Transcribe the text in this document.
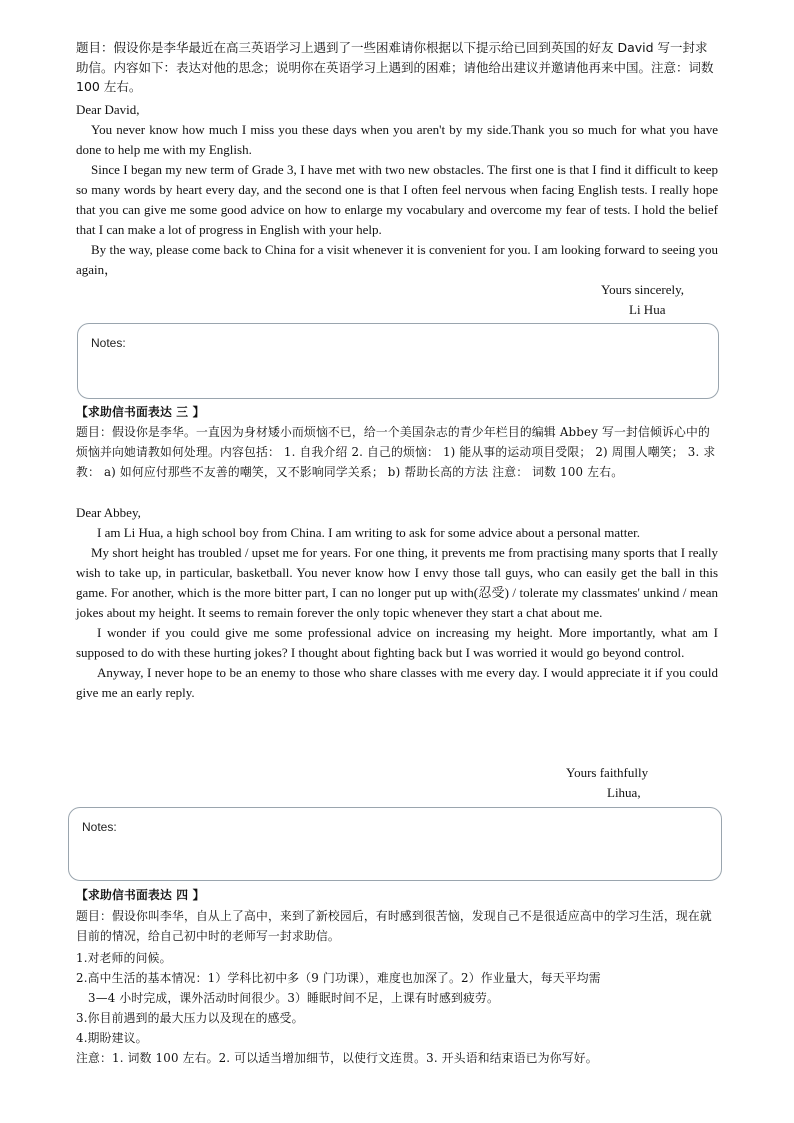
题目：假设你是李华最近在高三英语学习上遇到了一些困难请你根据以下提示给已回到英国的好友 David 写一封求助信。内容如下：表达对他的思念；说明你在英语学习上遇到的困难；请他给出建议并邀请他再来中国。注意：词数 100 左右。
Dear David,

You never know how much I miss you these days when you aren't by my side.Thank you so much for what you have done to help me with my English.

Since I began my new term of Grade 3, I have met with two new obstacles. The first one is that I find it difficult to keep so many words by heart every day, and the second one is that I often feel nervous when facing English tests. I really hope that you can give me some good advice on how to enlarge my vocabulary and overcome my fear of tests. I hold the belief that I can make a lot of progress in English with your help.

By the way, please come back to China for a visit whenever it is convenient for you. I am looking forward to seeing you again，

Yours sincerely,
Li Hua
Notes:
【求助信书面表达 三 】
题目：假设你是李华。一直因为身材矮小而烦恼不已，给一个美国杂志的青少年栏目的编辑 Abbey 写一封信倾诉心中的烦恼并向她请教如何处理。内容包括： 1. 自我介绍 2. 自己的烦恼： 1) 能从事的运动项目受限； 2) 周围人嘲笑； 3. 求教： a) 如何应付那些不友善的嘲笑，又不影响同学关系； b) 帮助长高的方法 注意： 词数 100 左右。
Dear Abbey,

I am Li Hua, a high school boy from China. I am writing to ask for some advice about a personal matter.

My short height has troubled / upset me for years. For one thing, it prevents me from practising many sports that I really wish to take up, in particular, basketball. You never know how I envy those tall guys, who can easily get the ball in this game. For another, which is the more bitter part, I can no longer put up with(忍受) / tolerate my classmates' unkind / mean jokes about my height. It seems to remain forever the only topic whenever they start a chat about me.

I wonder if you could give me some professional advice on increasing my height. More importantly, what am I supposed to do with these hurting jokes? I thought about fighting back but I was worried it would go beyond control.

Anyway, I never hope to be an enemy to those who share classes with me every day. I would appreciate it if you could give me an early reply.

Yours faithfully
Lihua,
Notes:
【求助信书面表达 四 】
题目：假设你叫李华，自从上了高中，来到了新校园后，有时感到很苦恼，发现自己不是很适应高中的学习生活，现在就目前的情况，给自己初中时的老师写一封求助信。
1.对老师的问候。
2.高中生活的基本情况：1）学科比初中多（9 门功课），难度也加深了。2）作业量大，每天平均需
3—4 小时完成，课外活动时间很少。3）睡眠时间不足，上课有时感到疲劳。
3.你目前遇到的最大压力以及现在的感受。
4.期盼建议。
注意：1. 词数 100 左右。2. 可以适当增加细节，以使行文连贯。3. 开头语和结束语已为你写好。
